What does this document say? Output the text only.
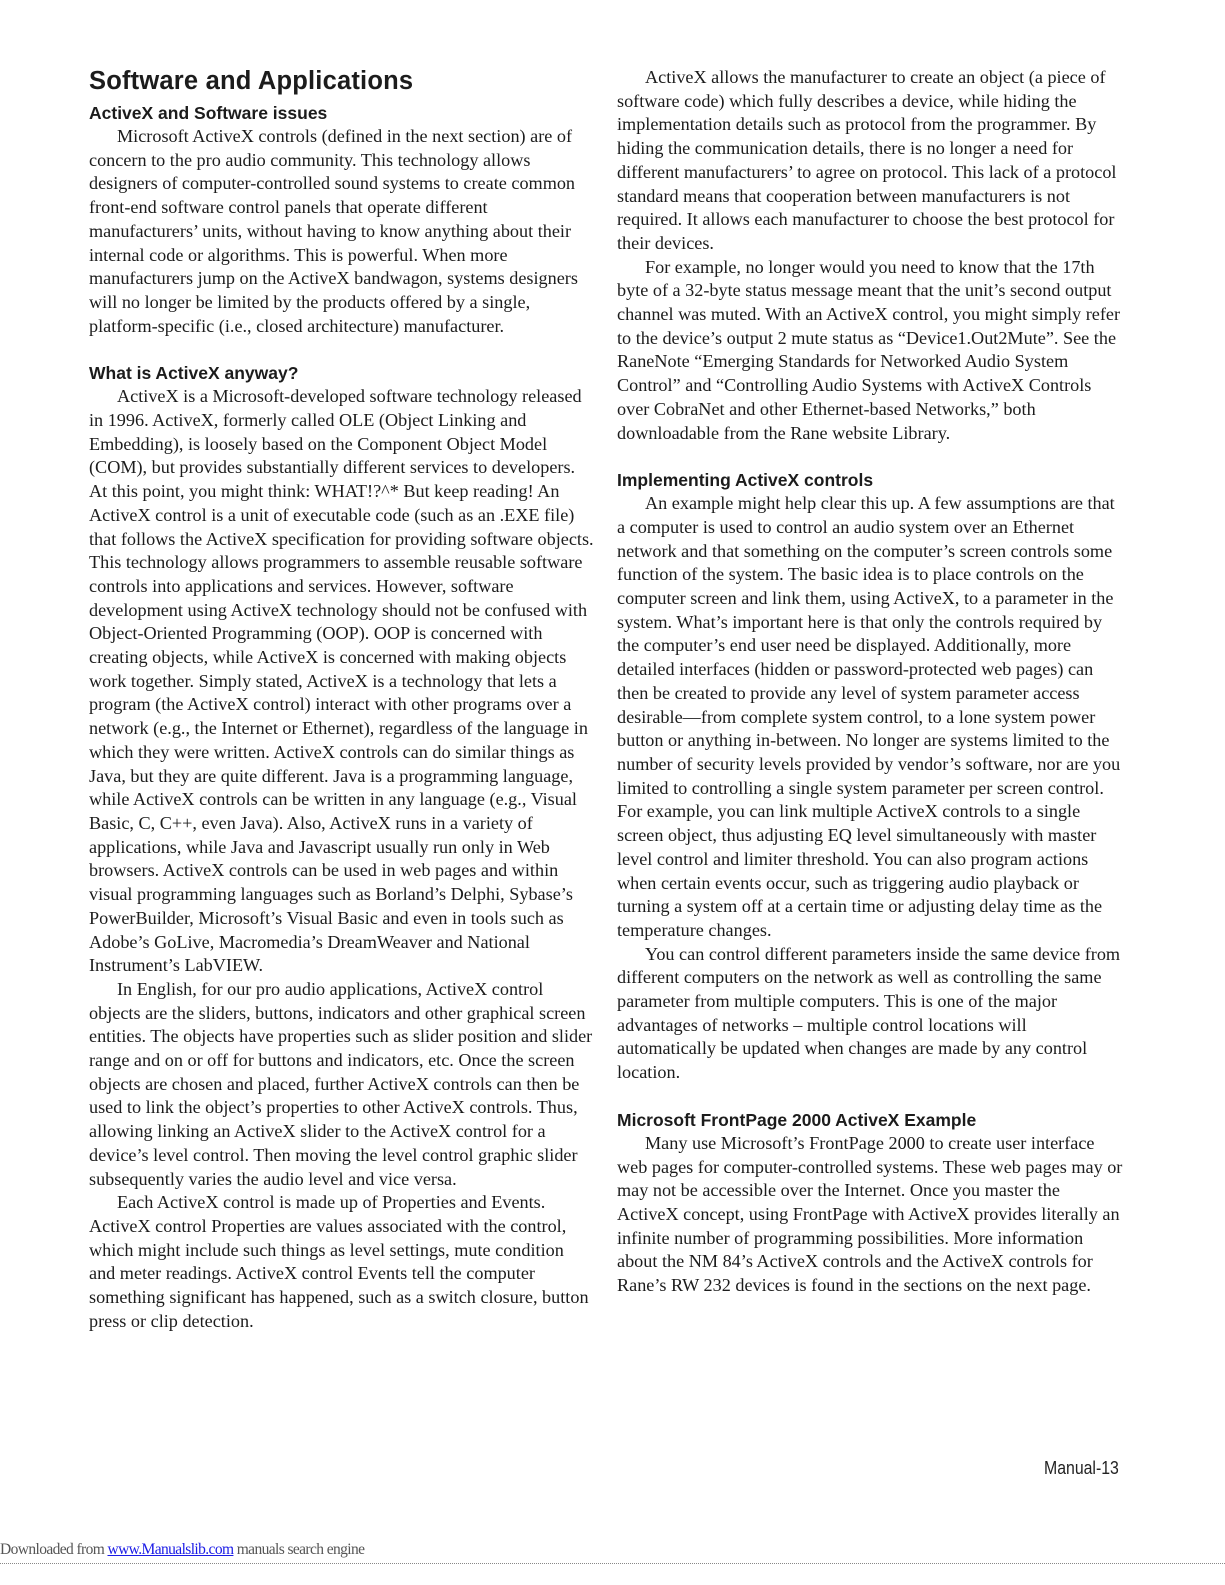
Software and Applications
ActiveX and Software issues

Microsoft ActiveX controls (defined in the next section) are of concern to the pro audio community. This technology allows designers of computer-controlled sound systems to create common front-end software control panels that operate different manufacturers’ units, without having to know anything about their internal code or algorithms. This is powerful. When more manufacturers jump on the ActiveX bandwagon, systems designers will no longer be limited by the products offered by a single, platform-specific (i.e., closed architecture) manufacturer.

What is ActiveX anyway?

ActiveX is a Microsoft-developed software technology released in 1996. ActiveX, formerly called OLE (Object Linking and Embedding), is loosely based on the Component Object Model (COM), but provides substantially different services to developers. At this point, you might think: WHAT!?^* But keep reading! An ActiveX control is a unit of executable code (such as an .EXE file) that follows the ActiveX specification for providing software objects. This technology allows programmers to assemble reusable software controls into applications and services. However, software development using ActiveX technology should not be confused with Object-Oriented Programming (OOP). OOP is concerned with creating objects, while ActiveX is concerned with making objects work together. Simply stated, ActiveX is a technology that lets a program (the ActiveX control) interact with other programs over a network (e.g., the Internet or Ethernet), regardless of the language in which they were written. ActiveX controls can do similar things as Java, but they are quite different. Java is a programming language, while ActiveX controls can be written in any language (e.g., Visual Basic, C, C++, even Java). Also, ActiveX runs in a variety of applications, while Java and Javascript usually run only in Web browsers. ActiveX controls can be used in web pages and within visual programming languages such as Borland’s Delphi, Sybase’s PowerBuilder, Microsoft’s Visual Basic and even in tools such as Adobe’s GoLive, Macromedia’s DreamWeaver and National Instrument’s LabVIEW.

In English, for our pro audio applications, ActiveX control objects are the sliders, buttons, indicators and other graphical screen entities. The objects have properties such as slider position and slider range and on or off for buttons and indicators, etc. Once the screen objects are chosen and placed, further ActiveX controls can then be used to link the object’s properties to other ActiveX controls. Thus, allowing linking an ActiveX slider to the ActiveX control for a device’s level control. Then moving the level control graphic slider subsequently varies the audio level and vice versa.

Each ActiveX control is made up of Properties and Events. ActiveX control Properties are values associated with the control, which might include such things as level settings, mute condition and meter readings. ActiveX control Events tell the computer something significant has happened, such as a switch closure, button press or clip detection.

ActiveX allows the manufacturer to create an object (a piece of software code) which fully describes a device, while hiding the implementation details such as protocol from the programmer. By hiding the communication details, there is no longer a need for different manufacturers’ to agree on protocol. This lack of a protocol standard means that cooperation between manufacturers is not required. It allows each manufacturer to choose the best protocol for their devices.

For example, no longer would you need to know that the 17th byte of a 32-byte status message meant that the unit’s second output channel was muted. With an ActiveX control, you might simply refer to the device’s output 2 mute status as “Device1.Out2Mute”. See the RaneNote “Emerging Standards for Networked Audio System Control” and “Controlling Audio Systems with ActiveX Controls over CobraNet and other Ethernet-based Networks,” both downloadable from the Rane website Library.

Implementing ActiveX controls

An example might help clear this up. A few assumptions are that a computer is used to control an audio system over an Ethernet network and that something on the computer’s screen controls some function of the system. The basic idea is to place controls on the computer screen and link them, using ActiveX, to a parameter in the system. What’s important here is that only the controls required by the computer’s end user need be displayed. Additionally, more detailed interfaces (hidden or password-protected web pages) can then be created to provide any level of system parameter access desirable—from complete system control, to a lone system power button or anything in-between. No longer are systems limited to the number of security levels provided by vendor’s software, nor are you limited to controlling a single system parameter per screen control. For example, you can link multiple ActiveX controls to a single screen object, thus adjusting EQ level simultaneously with master level control and limiter threshold. You can also program actions when certain events occur, such as triggering audio playback or turning a system off at a certain time or adjusting delay time as the temperature changes.

You can control different parameters inside the same device from different computers on the network as well as controlling the same parameter from multiple computers. This is one of the major advantages of networks – multiple control locations will automatically be updated when changes are made by any control location.

Microsoft FrontPage 2000 ActiveX Example

Many use Microsoft’s FrontPage 2000 to create user interface web pages for computer-controlled systems. These web pages may or may not be accessible over the Internet. Once you master the ActiveX concept, using FrontPage with ActiveX provides literally an infinite number of programming possibilities. More information about the NM 84’s ActiveX controls and the ActiveX controls for Rane’s RW 232 devices is found in the sections on the next page.

Manual-13
Downloaded from www.Manualslib.com manuals search engine
